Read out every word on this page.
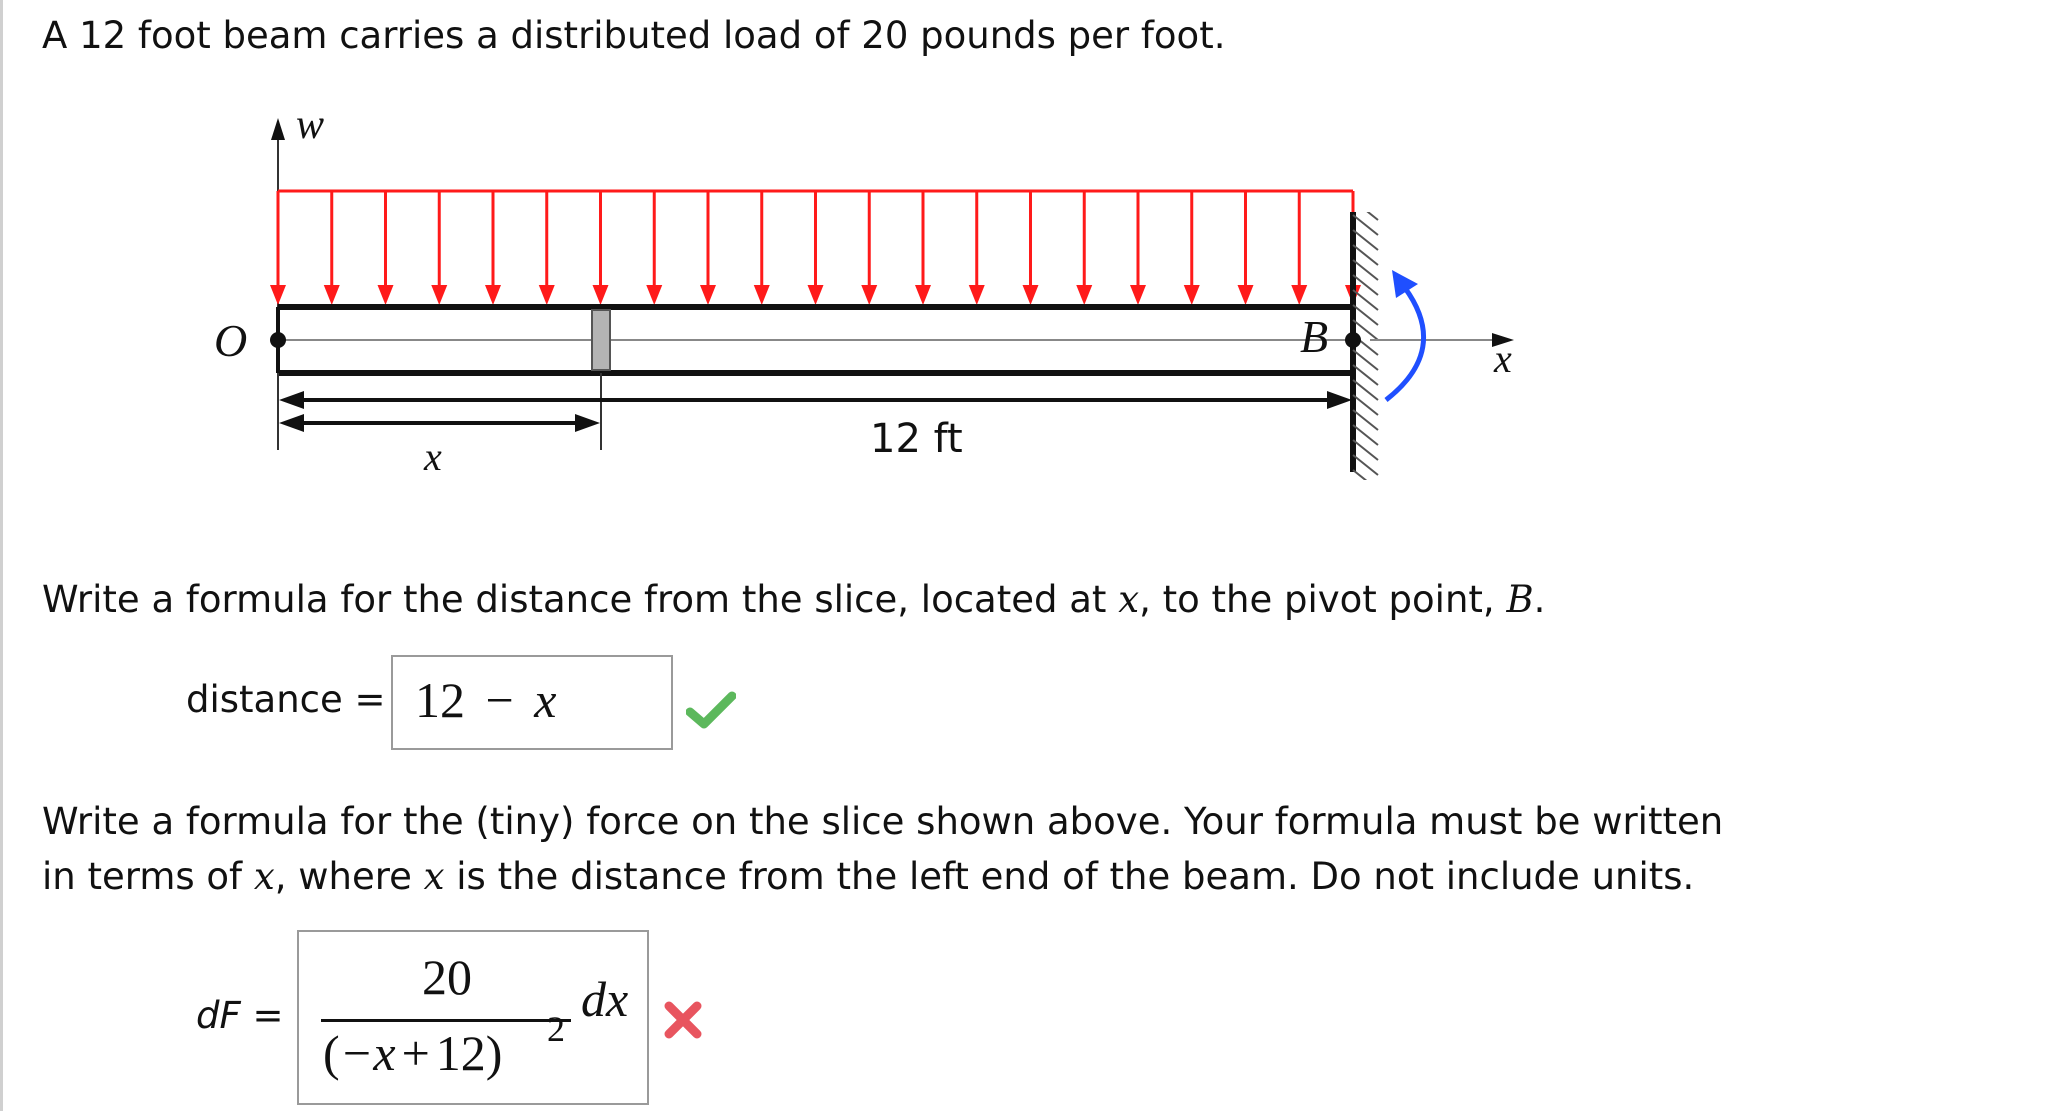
A 12 foot beam carries a distributed load of 20 pounds per foot.

w
x
O	B
x	12 ft

Write a formula for the distance from the slice, located at x, to the pivot point, B.

distance = 12 − x

Write a formula for the (tiny) force on the slice shown above. Your formula must be written

in terms of x, where x is the distance from the left end of the beam. Do not include units.

dF =
20
(−x + 12) 2
dx
